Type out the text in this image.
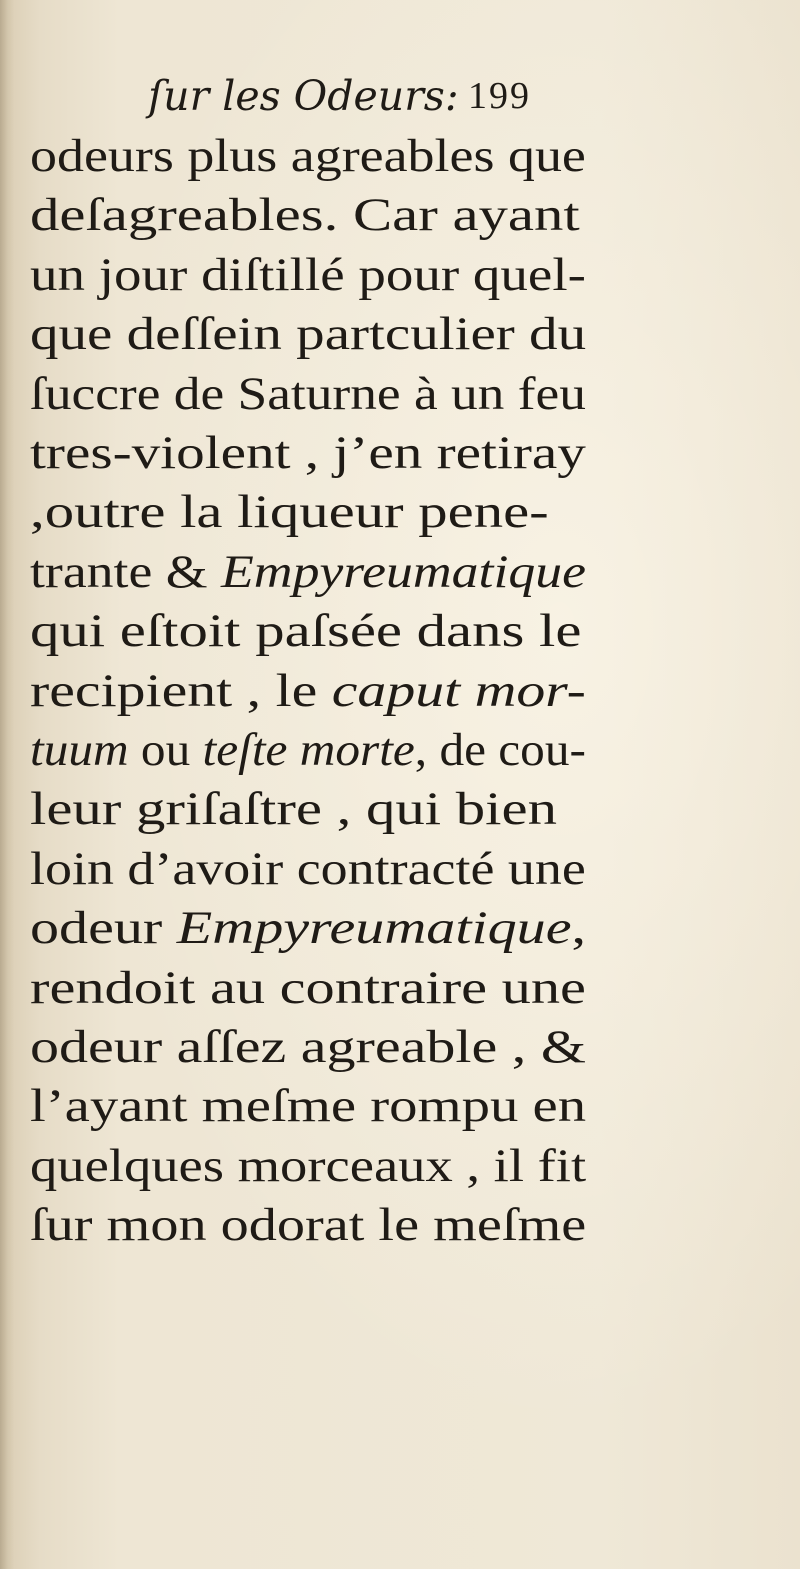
ſur les Odeurs: 199
odeurs plus agreables que
deſagreables. Car ayant
un jour diſtillé pour quel-
que deſſein partculier du
ſuccre de Saturne à un feu
tres-violent , j’en retiray
,outre la liqueur pene-
trante & Empyreumatique
qui eſtoit paſsée dans le
recipient , le caput mor-
tuum ou teſte morte, de cou-
leur griſaſtre , qui bien
loin d’avoir contracté une
odeur Empyreumatique,
rendoit au contraire une
odeur aſſez agreable , &
l’ayant meſme rompu en
quelques morceaux , il fit
ſur mon odorat le meſme
